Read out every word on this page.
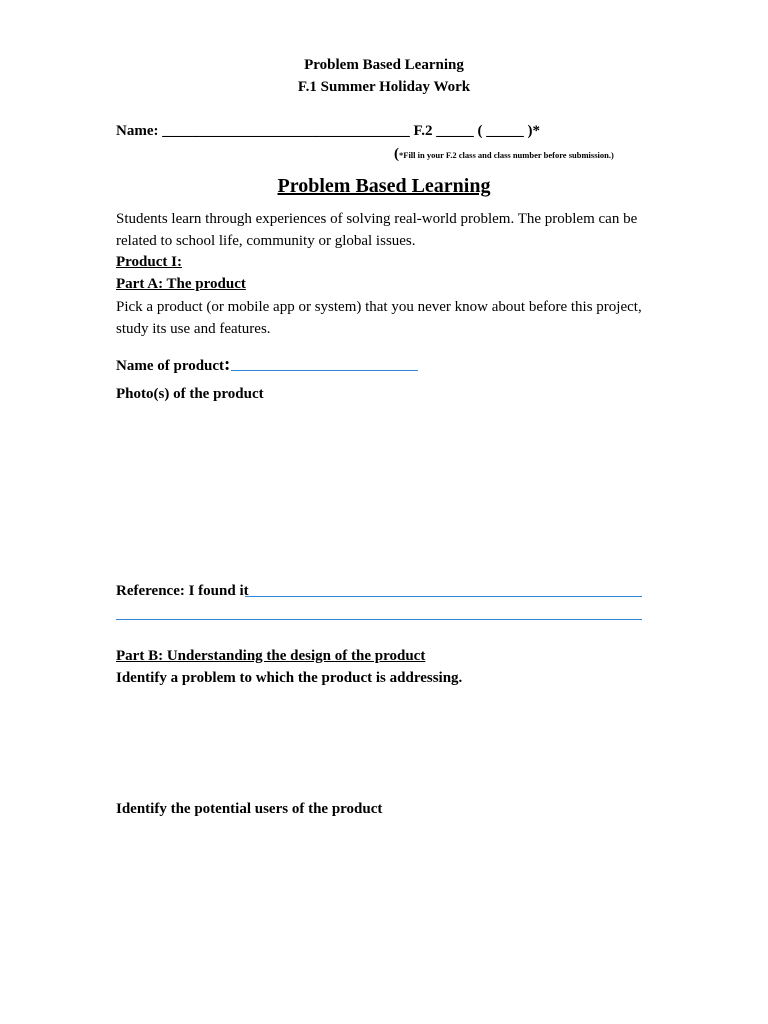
Problem Based Learning
F.1 Summer Holiday Work
Name: _________________________________ F.2 _____ ( _____ )*
(*Fill in your F.2 class and class number before submission.)
Problem Based Learning
Students learn through experiences of solving real-world problem. The problem can be related to school life, community or global issues.
Product I:
Part A: The product
Pick a product (or mobile app or system) that you never know about before this project, study its use and features.
Name of product:
Photo(s) of the product
Reference: I found it
Part B: Understanding the design of the product
Identify a problem to which the product is addressing.
Identify the potential users of the product
